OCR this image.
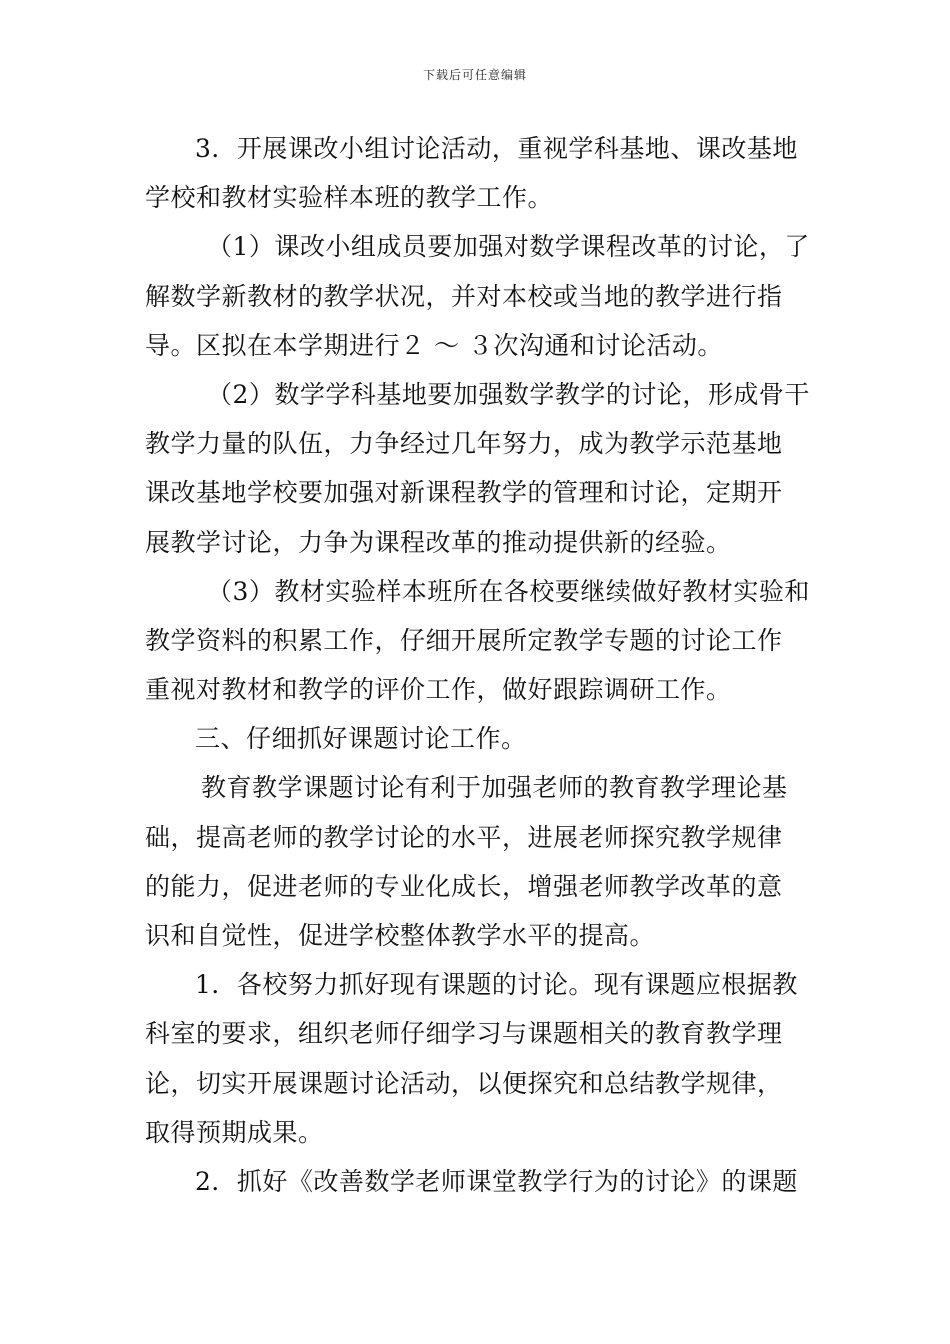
下载后可任意编辑
3．开展课改小组讨论活动，重视学科基地、课改基地
学校和教材实验样本班的教学工作。
（1）课改小组成员要加强对数学课程改革的讨论，了
解数学新教材的教学状况，并对本校或当地的教学进行指
导。区拟在本学期进行２ ～ ３次沟通和讨论活动。
（2）数学学科基地要加强数学教学的讨论，形成骨干
教学力量的队伍，力争经过几年努力，成为教学示范基地
课改基地学校要加强对新课程教学的管理和讨论，定期开
展教学讨论，力争为课程改革的推动提供新的经验。
（3）教材实验样本班所在各校要继续做好教材实验和
教学资料的积累工作，仔细开展所定教学专题的讨论工作
重视对教材和教学的评价工作，做好跟踪调研工作。
三、仔细抓好课题讨论工作。
教育教学课题讨论有利于加强老师的教育教学理论基
础，提高老师的教学讨论的水平，进展老师探究教学规律
的能力，促进老师的专业化成长，增强老师教学改革的意
识和自觉性，促进学校整体教学水平的提高。
1．各校努力抓好现有课题的讨论。现有课题应根据教
科室的要求，组织老师仔细学习与课题相关的教育教学理
论，切实开展课题讨论活动，以便探究和总结教学规律，
取得预期成果。
2．抓好《改善数学老师课堂教学行为的讨论》的课题
